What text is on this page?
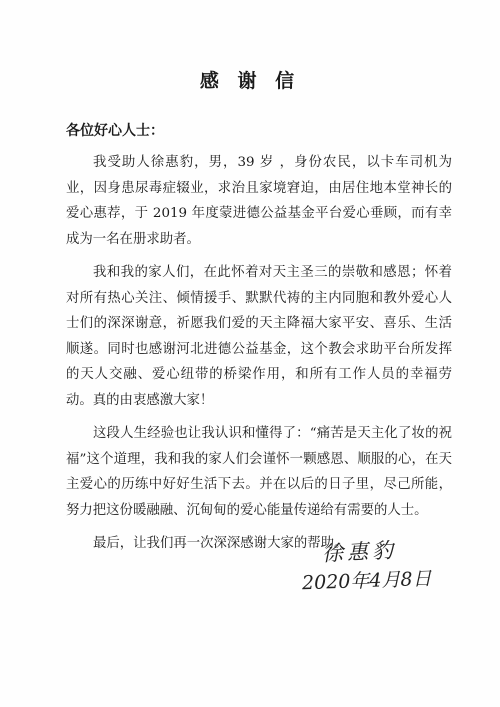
感 谢 信
各位好心人士：

我受助人徐惠豹，男，39 岁 ，身份农民，以卡车司机为业，因身患尿毒症辍业，求治且家境窘迫，由居住地本堂神长的爱心惠荐，于 2019 年度蒙进德公益基金平台爱心垂顾，而有幸成为一名在册求助者。

我和我的家人们，在此怀着对天主圣三的崇敬和感恩；怀着对所有热心关注、倾情援手、默默代祷的主内同胞和教外爱心人士们的深深谢意，祈愿我们爱的天主降福大家平安、喜乐、生活顺遂。同时也感谢河北进德公益基金，这个教会求助平台所发挥的天人交融、爱心纽带的桥梁作用，和所有工作人员的幸福劳动。真的由衷感激大家！

这段人生经验也让我认识和懂得了：“痛苦是天主化了妆的祝福”这个道理，我和我的家人们会谨怀一颗感恩、顺服的心，在天主爱心的历练中好好生活下去。并在以后的日子里，尽己所能，努力把这份暖融融、沉甸甸的爱心能量传递给有需要的人士。

最后，让我们再一次深深感谢大家的帮助。

徐惠豹
2020年4月8日
